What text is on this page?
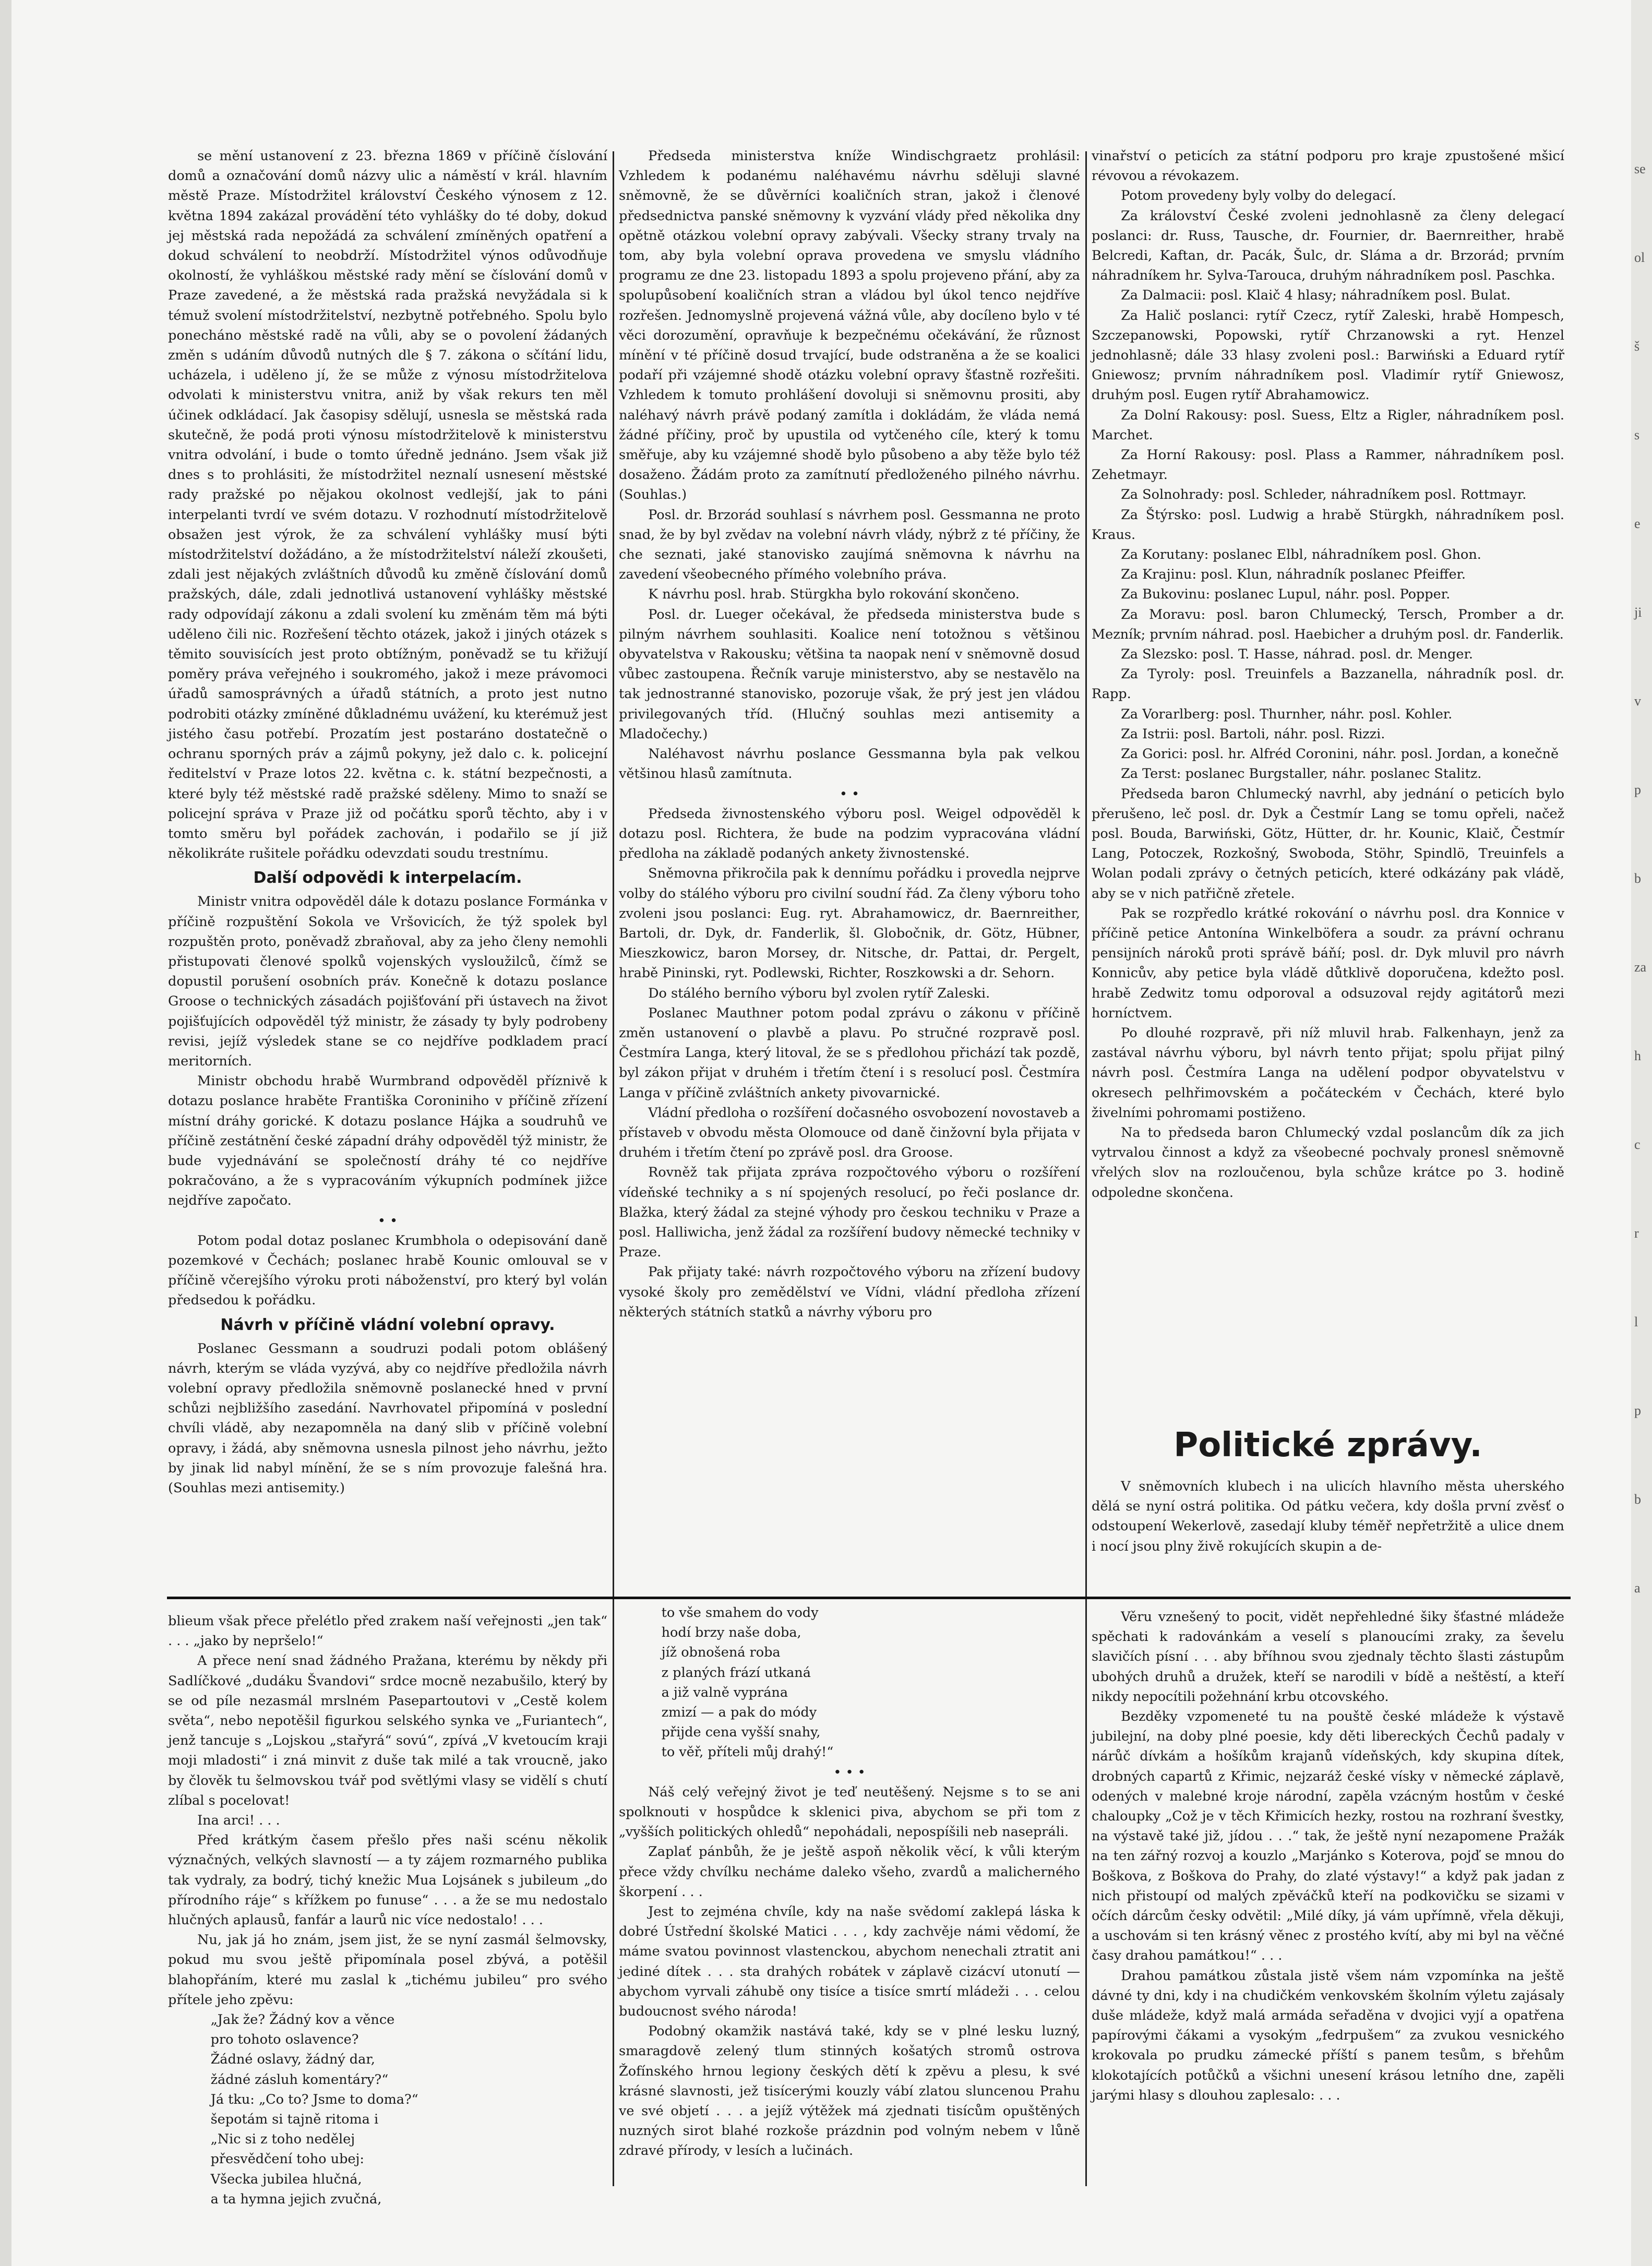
se mění ustanovení z 23. března 1869 v příčině číslování domů a označování domů názvy ulic a náměstí v král. hlavním městě Praze. Místodržitel království Českého výnosem z 12. května 1894 zakázal provádění této vyhlášky do té doby, dokud jej městská rada nepožádá za schválení zmíněných opatření a dokud schválení to neobdrží. Místodržitel výnos odůvodňuje okolností, že vyhláškou městské rady mění se číslování domů v Praze zavedené, a že městská rada pražská nevyžádala si k témuž svolení místodržitelství, nezbytně potřebného. Spolu bylo ponecháno městské radě na vůli, aby se o povolení žádaných změn s udáním důvodů nutných dle § 7. zákona o sčítání lidu, ucházela, i uděleno jí, že se může z výnosu místodržitelova odvolati k ministerstvu vnitra, aniž by však rekurs ten měl účinek odkládací. Jak časopisy sdělují, usnesla se městská rada skutečně, že podá proti výnosu místodržitelově k ministerstvu vnitra odvolání, i bude o tomto úředně jednáno. Jsem však již dnes s to prohlásiti, že místodržitel neznalí usnesení městské rady pražské po nějakou okolnost vedlejší, jak to páni interpelanti tvrdí ve svém dotazu. V rozhodnutí místodržitelově obsažen jest výrok, že za schválení vyhlášky musí býti místodržitelství dožádáno, a že místodržitelství náleží zkoušeti, zdali jest nějakých zvláštních důvodů ku změně číslování domů pražských, dále, zdali jednotlivá ustanovení vyhlášky městské rady odpovídají zákonu a zdali svolení ku změnám těm má býti uděleno čili nic. Rozřešení těchto otázek, jakož i jiných otázek s těmito souvisících jest proto obtížným, poněvadž se tu křižují poměry práva veřejného i soukromého, jakož i meze právomoci úřadů samosprávných a úřadů státních, a proto jest nutno podrobiti otázky zmíněné důkladnému uvážení, ku kterémuž jest jistého času potřebí. Prozatím jest postaráno dostatečně o ochranu sporných práv a zájmů pokyny, jež dalo c. k. policejní ředitelství v Praze lotos 22. května c. k. státní bezpečnosti, a které byly též městské radě pražské sděleny. Mimo to snaží se policejní správa v Praze již od počátku sporů těchto, aby i v tomto směru byl pořádek zachován, i podařilo se jí již několikráte rušitele pořádku odevzdati soudu trestnímu.

Další odpovědi k interpelacím.

Ministr vnitra odpověděl dále k dotazu poslance Formánka v příčině rozpuštění Sokola ve Vršovicích, že týž spolek byl rozpuštěn proto, poněvadž zbraňoval, aby za jeho členy nemohli přistupovati členové spolků vojenských vysloužilců, čímž se dopustil porušení osobních práv. Konečně k dotazu poslance Groose o technických zásadách pojišťování při ústavech na život pojišťujících odpověděl týž ministr, že zásady ty byly podrobeny revisi, jejíž výsledek stane se co nejdříve podkladem prací meritorních.

Ministr obchodu hrabě Wurmbrand odpověděl příznivě k dotazu poslance hraběte Františka Coroniniho v příčině zřízení místní dráhy gorické. K dotazu poslance Hájka a soudruhů ve příčině zestátnění české západní dráhy odpověděl týž ministr, že bude vyjednávání se společností dráhy té co nejdříve pokračováno, a že s vypracováním výkupních podmínek jižce nejdříve započato.

• •

Potom podal dotaz poslanec Krumbhola o odepisování daně pozemkové v Čechách; poslanec hrabě Kounic omlouval se v příčině včerejšího výroku proti náboženství, pro který byl volán předsedou k pořádku.

Návrh v příčině vládní volební opravy.

Poslanec Gessmann a soudruzi podali potom oblášený návrh, kterým se vláda vyzývá, aby co nejdříve předložila návrh volební opravy předložila sněmovně poslanecké hned v první schůzi nejbližšího zasedání. Navrhovatel připomíná v poslední chvíli vládě, aby nezapomněla na daný slib v příčině volební opravy, i žádá, aby sněmovna usnesla pilnost jeho návrhu, ježto by jinak lid nabyl mínění, že se s ním provozuje falešná hra. (Souhlas mezi antisemity.)

Předseda ministerstva kníže Windischgraetz prohlásil: Vzhledem k podanému naléhavému návrhu sděluji slavné sněmovně, že se důvěrníci koaličních stran, jakož i členové předsednictva panské sněmovny k vyzvání vlády před několika dny opětně otázkou volební opravy zabývali. Všecky strany trvaly na tom, aby byla volební oprava provedena ve smyslu vládního programu ze dne 23. listopadu 1893 a spolu projeveno přání, aby za spolupůsobení koaličních stran a vládou byl úkol tenco nejdříve rozřešen. Jednomyslně projevená vážná vůle, aby docíleno bylo v té věci dorozumění, opravňuje k bezpečnému očekávání, že různost mínění v té příčině dosud trvající, bude odstraněna a že se koalici podaří při vzájemné shodě otázku volební opravy šťastně rozřešiti. Vzhledem k tomuto prohlášení dovoluji si sněmovnu prositi, aby naléhavý návrh právě podaný zamítla i dokládám, že vláda nemá žádné příčiny, proč by upustila od vytčeného cíle, který k tomu směřuje, aby ku vzájemné shodě bylo působeno a aby těže bylo též dosaženo. Žádám proto za zamítnutí předloženého pilného návrhu. (Souhlas.)

Posl. dr. Brzorád souhlasí s návrhem posl. Gessmanna ne proto snad, že by byl zvědav na volební návrh vlády, nýbrž z té příčiny, že che seznati, jaké stanovisko zaujímá sněmovna k návrhu na zavedení všeobecného přímého volebního práva.

K návrhu posl. hrab. Stürgkha bylo rokování skončeno.

Posl. dr. Lueger očekával, že předseda ministerstva bude s pilným návrhem souhlasiti. Koalice není totožnou s většinou obyvatelstva v Rakousku; většina ta naopak není v sněmovně dosud vůbec zastoupena. Řečník varuje ministerstvo, aby se nestavělo na tak jednostranné stanovisko, pozoruje však, že prý jest jen vládou privilegovaných tříd. (Hlučný souhlas mezi antisemity a Mladočechy.)

Naléhavost návrhu poslance Gessmanna byla pak velkou většinou hlasů zamítnuta.

• •

Předseda živnostenského výboru posl. Weigel odpověděl k dotazu posl. Richtera, že bude na podzim vypracována vládní předloha na základě podaných ankety živnostenské.

Sněmovna přikročila pak k dennímu pořádku i provedla nejprve volby do stálého výboru pro civilní soudní řád. Za členy výboru toho zvoleni jsou poslanci: Eug. ryt. Abrahamowicz, dr. Baernreither, Bartoli, dr. Dyk, dr. Fanderlik, šl. Globočnik, dr. Götz, Hübner, Mieszkowicz, baron Morsey, dr. Nitsche, dr. Pattai, dr. Pergelt, hrabě Pininski, ryt. Podlewski, Richter, Roszkowski a dr. Sehorn.

Do stálého berního výboru byl zvolen rytíř Zaleski.

Poslanec Mauthner potom podal zprávu o zákonu v příčině změn ustanovení o plavbě a plavu. Po stručné rozpravě posl. Čestmíra Langa, který litoval, že se s předlohou přichází tak pozdě, byl zákon přijat v druhém i třetím čtení i s resolucí posl. Čestmíra Langa v příčině zvláštních ankety pivovarnické.

Vládní předloha o rozšíření dočasného osvobození novostaveb a přístaveb v obvodu města Olomouce od daně činžovní byla přijata v druhém i třetím čtení po zprávě posl. dra Groose.

Rovněž tak přijata zpráva rozpočtového výboru o rozšíření vídeňské techniky a s ní spojených resolucí, po řeči poslance dr. Blažka, který žádal za stejné výhody pro českou techniku v Praze a posl. Halliwicha, jenž žádal za rozšíření budovy německé techniky v Praze.

Pak přijaty také: návrh rozpočtového výboru na zřízení budovy vysoké školy pro zemědělství ve Vídni, vládní předloha zřízení některých státních statků a návrhy výboru pro

vinařství o peticích za státní podporu pro kraje zpustošené mšicí révovou a révokazem.

Potom provedeny byly volby do delegací.

Za království České zvoleni jednohlasně za členy delegací poslanci: dr. Russ, Tausche, dr. Fournier, dr. Baernreither, hrabě Belcredi, Kaftan, dr. Pacák, Šulc, dr. Sláma a dr. Brzorád; prvním náhradníkem hr. Sylva-Tarouca, druhým náhradníkem posl. Paschka.

Za Dalmacii: posl. Klaič 4 hlasy; náhradníkem posl. Bulat.

Za Halič poslanci: rytíř Czecz, rytíř Zaleski, hrabě Hompesch, Szczepanowski, Popowski, rytíř Chrzanowski a ryt. Henzel jednohlasně; dále 33 hlasy zvoleni posl.: Barwiński a Eduard rytíř Gniewosz; prvním náhradníkem posl. Vladimír rytíř Gniewosz, druhým posl. Eugen rytíř Abrahamowicz.

Za Dolní Rakousy: posl. Suess, Eltz a Rigler, náhradníkem posl. Marchet.

Za Horní Rakousy: posl. Plass a Rammer, náhradníkem posl. Zehetmayr.

Za Solnohrady: posl. Schleder, náhradníkem posl. Rottmayr.

Za Štýrsko: posl. Ludwig a hrabě Stürgkh, náhradníkem posl. Kraus.

Za Korutany: poslanec Elbl, náhradníkem posl. Ghon.

Za Krajinu: posl. Klun, náhradník poslanec Pfeiffer.

Za Bukovinu: poslanec Lupul, náhr. posl. Popper.

Za Moravu: posl. baron Chlumecký, Tersch, Promber a dr. Mezník; prvním náhrad. posl. Haebicher a druhým posl. dr. Fanderlik.

Za Slezsko: posl. T. Hasse, náhrad. posl. dr. Menger.

Za Tyroly: posl. Treuinfels a Bazzanella, náhradník posl. dr. Rapp.

Za Vorarlberg: posl. Thurnher, náhr. posl. Kohler.

Za Istrii: posl. Bartoli, náhr. posl. Rizzi.

Za Gorici: posl. hr. Alfréd Coronini, náhr. posl. Jordan, a konečně

Za Terst: poslanec Burgstaller, náhr. poslanec Stalitz.

Předseda baron Chlumecký navrhl, aby jednání o peticích bylo přerušeno, leč posl. dr. Dyk a Čestmír Lang se tomu opřeli, načež posl. Bouda, Barwiński, Götz, Hütter, dr. hr. Kounic, Klaič, Čestmír Lang, Potoczek, Rozkošný, Swoboda, Stöhr, Spindlö, Treuinfels a Wolan podali zprávy o četných peticích, které odkázány pak vládě, aby se v nich patřičně zřetele.

Pak se rozpředlo krátké rokování o návrhu posl. dra Konnice v příčině petice Antonína Winkelböfera a soudr. za právní ochranu pensijních nároků proti správě báňí; posl. dr. Dyk mluvil pro návrh Konnicův, aby petice byla vládě důtklivě doporučena, kdežto posl. hrabě Zedwitz tomu odporoval a odsuzoval rejdy agitátorů mezi horníctvem.

Po dlouhé rozpravě, při níž mluvil hrab. Falkenhayn, jenž za zastával návrhu výboru, byl návrh tento přijat; spolu přijat pilný návrh posl. Čestmíra Langa na udělení podpor obyvatelstvu v okresech pelhřimovském a počáteckém v Čechách, které bylo živelními pohromami postiženo.

Na to předseda baron Chlumecký vzdal poslancům dík za jich vytrvalou činnost a když za všeobecné pochvaly pronesl sněmovně vřelých slov na rozloučenou, byla schůze krátce po 3. hodině odpoledne skončena.

Politické zprávy.

V sněmovních klubech i na ulicích hlavního města uherského dělá se nyní ostrá politika. Od pátku večera, kdy došla první zvěsť o odstoupení Wekerlově, zasedají kluby téměř nepřetržitě a ulice dnem i nocí jsou plny živě rokujících skupin a de-

blieum však přece přelétlo před zrakem naší veřejnosti „jen tak“ . . . „jako by nepršelo!“

A přece není snad žádného Pražana, kterému by někdy při Sadlíčkové „dudáku Švandovi“ srdce mocně nezabušilo, který by se od píle nezasmál mrslném Pasepartoutovi v „Cestě kolem světa“, nebo nepotěšil figurkou selského synka ve „Furiantech“, jenž tancuje s „Lojskou „stařyrá“ sovú“, zpívá „V kvetoucím kraji moji mladosti“ i zná minvit z duše tak milé a tak vroucně, jako by člověk tu šelmovskou tvář pod světlými vlasy se vidělí s chutí zlíbal s pocelovat!

Ina arci! . . .

Před krátkým časem přešlo přes naši scénu několik význačných, velkých slavností — a ty zájem rozmarného publika tak vydraly, za bodrý, tichý knežic Mua Lojsánek s jubileum „do přírodního ráje“ s křížkem po funuse“ . . . a že se mu nedostalo hlučných aplausů, fanfár a laurů nic více nedostalo! . . .

Nu, jak já ho znám, jsem jist, že se nyní zasmál šelmovsky, pokud mu svou ještě připomínala posel zbývá, a potěšil blahopřáním, které mu zaslal k „tichému jubileu“ pro svého přítele jeho zpěvu:

„Jak že? Žádný kov a věnce

pro tohoto oslavence?

Žádné oslavy, žádný dar,

žádné zásluh komentáry?“

Já tku: „Co to? Jsme to doma?“

šepotám si tajně ritoma i

„Nic si z toho nedělej

přesvědčení toho ubej:

Všecka jubilea hlučná,

a ta hymna jejich zvučná,

to vše smahem do vody

hodí brzy naše doba,

jíž obnošená roba

z planých frází utkaná

a již valně vyprána

zmizí — a pak do módy

přijde cena vyšší snahy,

to věř, příteli můj drahý!“

• • •

Náš celý veřejný život je teď neutěšený. Nejsme s to se ani spolknouti v hospůdce k sklenici piva, abychom se při tom z „vyšších politických ohledů“ nepohádali, nepospíšili neb nasepráli.

Zaplať pánbůh, že je ještě aspoň několik věcí, k vůli kterým přece vždy chvílku necháme daleko všeho, zvardů a malicherného škorpení . . .

Jest to zejména chvíle, kdy na naše svědomí zaklepá láska k dobré Ústřední školské Matici . . . , kdy zachvěje námi vědomí, že máme svatou povinnost vlastenckou, abychom nenechali ztratit ani jediné dítek . . . sta drahých robátek v záplavě cizácví utonutí — abychom vyrvali záhubě ony tisíce a tisíce smrtí mládeži . . . celou budoucnost svého národa!

Podobný okamžik nastává také, kdy se v plné lesku luzný, smaragdově zelený tlum stinných košatých stromů ostrova Žofínského hrnou legiony českých dětí k zpěvu a plesu, k své krásné slavnosti, jež tisícerými kouzly vábí zlatou sluncenou Prahu ve své objetí . . . a jejíž výtěžek má zjednati tisícům opuštěných nuzných sirot blahé rozkoše prázdnin pod volným nebem v lůně zdravé přírody, v lesích a lučinách.

Věru vznešený to pocit, vidět nepřehledné šiky šťastné mládeže spěchati k radovánkám a veselí s planoucími zraky, za ševelu slavičích písní . . . aby bříhnou svou zjednaly těchto šlasti zástupům ubohých druhů a družek, kteří se narodili v bídě a neštěstí, a kteří nikdy nepocítili požehnání krbu otcovského.

Bezděky vzpomeneté tu na pouště české mládeže k výstavě jubilejní, na doby plné poesie, kdy děti libereckých Čechů padaly v nárůč dívkám a hošíkům krajanů vídeňských, kdy skupina dítek, drobných capartů z Křimic, nejzaráž české vísky v německé záplavě, odených v malebné kroje národní, zapěla vzácným hostům v české chaloupky „Což je v těch Křimicích hezky, rostou na rozhraní švestky, na výstavě také již, jídou . . .“ tak, že ještě nyní nezapomene Pražák na ten zářný rozvoj a kouzlo „Marjánko s Koterova, pojď se mnou do Boškova, z Boškova do Prahy, do zlaté výstavy!“ a když pak jadan z nich přistoupí od malých zpěváčků kteří na podkovičku se sizami v očích dárcům česky odvětil: „Milé díky, já vám upřímně, vřela děkuji, a uschovám si ten krásný věnec z prostého kvítí, aby mi byl na věčné časy drahou památkou!“ . . .

Drahou památkou zůstala jistě všem nám vzpomínka na ještě dávné ty dni, kdy i na chudičkém venkovském školním výletu zajásaly duše mládeže, když malá armáda seřaděna v dvojici vyjí a opatřena papírovými čákami a vysokým „fedrpušem“ za zvukou vesnického krokovala po prudku zámecké příští s panem tesům, s břehům klokotajících potůčků a všichni unesení krásou letního dne, zapěli jarými hlasy s dlouhou zaplesalo: . . .

se
ol
š
s
e
ji
v
p
b
za
h
c
r
l
p
b
a
